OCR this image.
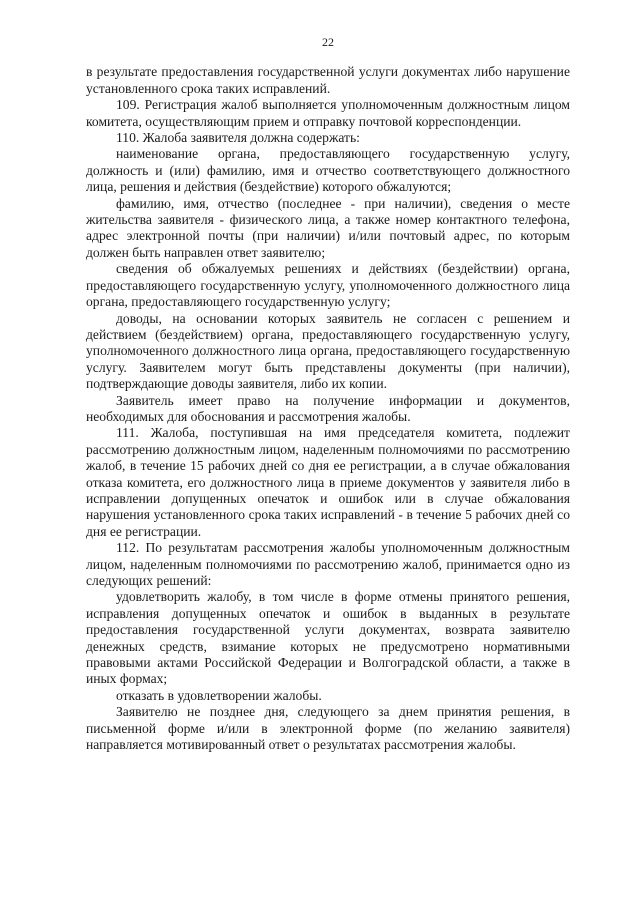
22

в результате предоставления государственной услуги документах либо нарушение установленного срока таких исправлений.

109. Регистрация жалоб выполняется уполномоченным должностным лицом комитета, осуществляющим прием и отправку почтовой корреспонденции.

110. Жалоба заявителя должна содержать:

наименование органа, предоставляющего государственную услугу, должность и (или) фамилию, имя и отчество соответствующего должностного лица, решения и действия (бездействие) которого обжалуются;

фамилию, имя, отчество (последнее - при наличии), сведения о месте жительства заявителя - физического лица, а также номер контактного телефона, адрес электронной почты (при наличии) и/или почтовый адрес, по которым должен быть направлен ответ заявителю;

сведения об обжалуемых решениях и действиях (бездействии) органа, предоставляющего государственную услугу, уполномоченного должностного лица органа, предоставляющего государственную услугу;

доводы, на основании которых заявитель не согласен с решением и действием (бездействием) органа, предоставляющего государственную услугу, уполномоченного должностного лица органа, предоставляющего государственную услугу. Заявителем могут быть представлены документы (при наличии), подтверждающие доводы заявителя, либо их копии.

Заявитель имеет право на получение информации и документов, необходимых для обоснования и рассмотрения жалобы.

111. Жалоба, поступившая на имя председателя комитета, подлежит рассмотрению должностным лицом, наделенным полномочиями по рассмотрению жалоб, в течение 15 рабочих дней со дня ее регистрации, а в случае обжалования отказа комитета, его должностного лица в приеме документов у заявителя либо в исправлении допущенных опечаток и ошибок или в случае обжалования нарушения установленного срока таких исправлений - в течение 5 рабочих дней со дня ее регистрации.

112. По результатам рассмотрения жалобы уполномоченным должностным лицом, наделенным полномочиями по рассмотрению жалоб, принимается одно из следующих решений:

удовлетворить жалобу, в том числе в форме отмены принятого решения, исправления допущенных опечаток и ошибок в выданных в результате предоставления государственной услуги документах, возврата заявителю денежных средств, взимание которых не предусмотрено нормативными правовыми актами Российской Федерации и Волгоградской области, а также в иных формах;

отказать в удовлетворении жалобы.

Заявителю не позднее дня, следующего за днем принятия решения, в письменной форме и/или в электронной форме (по желанию заявителя) направляется мотивированный ответ о результатах рассмотрения жалобы.
